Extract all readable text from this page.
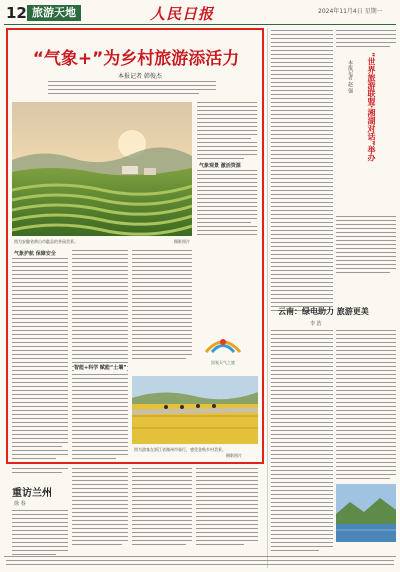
12 旅游天地	人民日报	2024年11月4日 星期一
“气象+”为乡村旅游添活力
本报记者 韩俊杰
图为安徽省黄山市歙县的茶园美景。	摄影图片
气象观景 激活资源
气象护航 保障安全
智能+科学 赋能“土壤”
国家天气之旅
图为游客在浙江省湖州市骑行，感受金秋乡村美景。
摄影图片
重访兰州
徐 春
“世界旅游联盟·湘湖对话”举办
本报记者 赵 强
云南：绿电助力 旅游更美
李 浩
